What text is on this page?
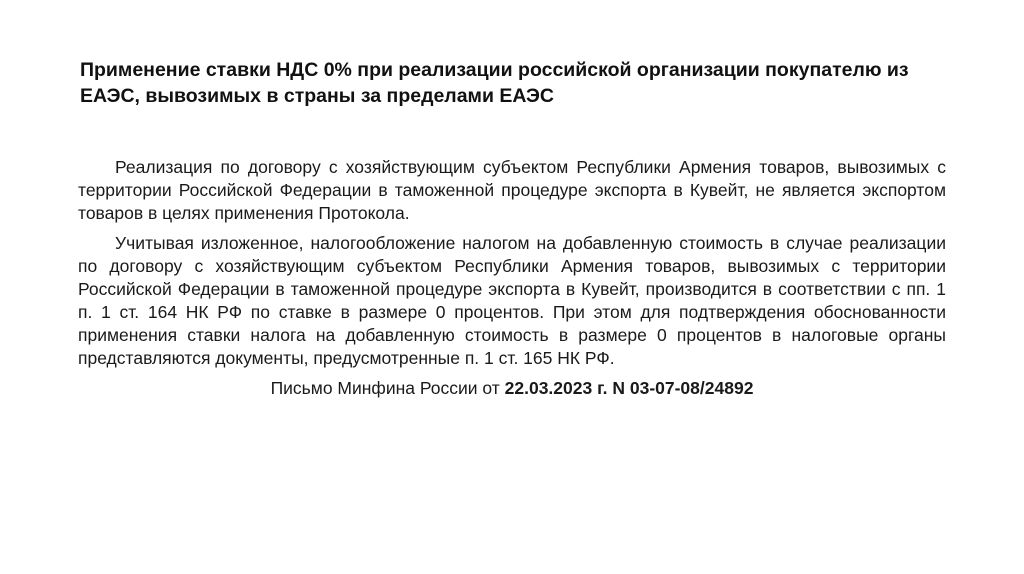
Применение ставки НДС 0% при реализации российской организации покупателю из ЕАЭС, вывозимых в страны за пределами ЕАЭС

Реализация по договору с хозяйствующим субъектом Республики Армения товаров, вывозимых с территории Российской Федерации в таможенной процедуре экспорта в Кувейт, не является экспортом товаров в целях применения Протокола.

Учитывая изложенное, налогообложение налогом на добавленную стоимость в случае реализации по договору с хозяйствующим субъектом Республики Армения товаров, вывозимых с территории Российской Федерации в таможенной процедуре экспорта в Кувейт, производится в соответствии с пп. 1 п. 1 ст. 164 НК РФ по ставке в размере 0 процентов. При этом для подтверждения обоснованности применения ставки налога на добавленную стоимость в размере 0 процентов в налоговые органы представляются документы, предусмотренные п. 1 ст. 165 НК РФ.

Письмо Минфина России от 22.03.2023 г. N 03-07-08/24892
